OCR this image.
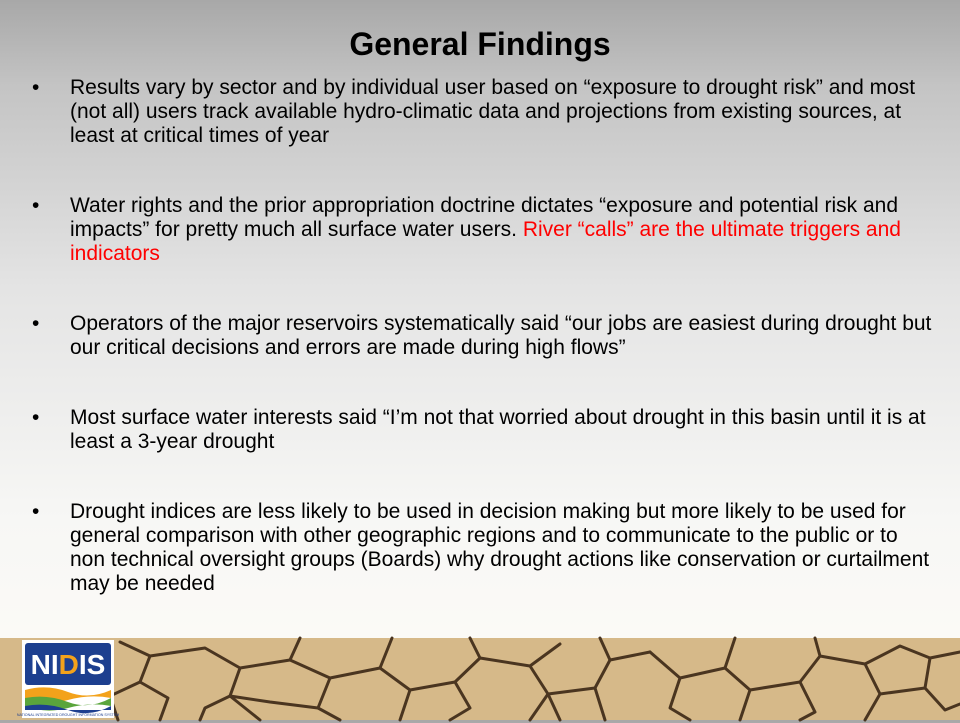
General Findings
• Results vary by sector and by individual user based on “exposure to drought risk” and most (not all) users track available hydro-climatic data and projections from existing sources, at least at critical times of year
• Water rights and the prior appropriation doctrine dictates “exposure and potential risk and impacts” for pretty much all surface water users. River “calls” are the ultimate triggers and indicators
• Operators of the major reservoirs systematically said “our jobs are easiest during drought but our critical decisions and errors are made during high flows”
• Most surface water interests said “I’m not that worried about drought in this basin until it is at least a 3-year drought
• Drought indices are less likely to be used in decision making but more likely to be used for general comparison with other geographic regions and to communicate to the public or to non technical oversight groups (Boards) why drought actions like conservation or curtailment may be needed
NIDIS
NATIONAL INTEGRATED DROUGHT INFORMATION SYSTEM
